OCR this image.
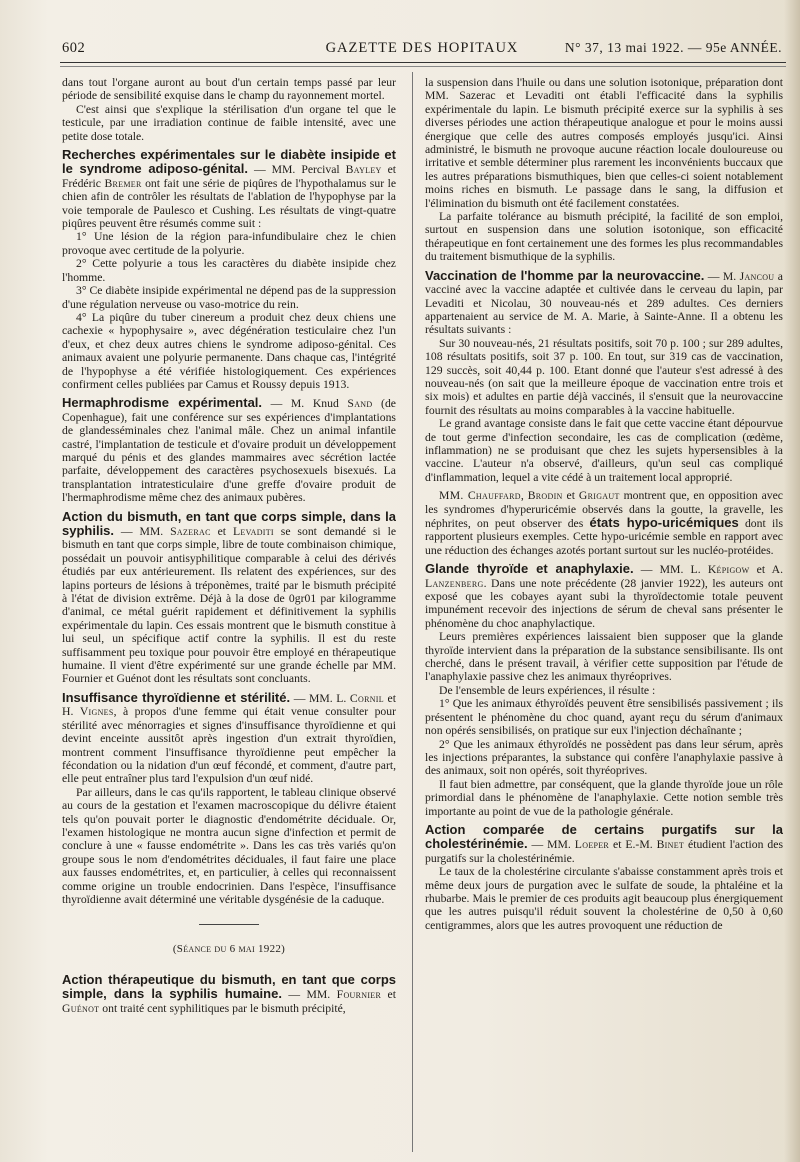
602	GAZETTE DES HOPITAUX	N° 37, 13 mai 1922. — 95e ANNÉE.

dans tout l'organe auront au bout d'un certain temps passé par leur période de sensibilité exquise dans le champ du rayonnement mortel.

C'est ainsi que s'explique la stérilisation d'un organe tel que le testicule, par une irradiation continue de faible intensité, avec une petite dose totale.

Recherches expérimentales sur le diabète insipide et le syndrome adiposo-génital. — MM. Percival Bayley et Frédéric Bremer ont fait une série de piqûres de l'hypothalamus sur le chien afin de contrôler les résultats de l'ablation de l'hypophyse par la voie temporale de Paulesco et Cushing. Les résultats de vingt-quatre piqûres peuvent être résumés comme suit :

1° Une lésion de la région para-infundibulaire chez le chien provoque avec certitude de la polyurie.

2° Cette polyurie a tous les caractères du diabète insipide chez l'homme.

3° Ce diabète insipide expérimental ne dépend pas de la suppression d'une régulation nerveuse ou vaso-motrice du rein.

4° La piqûre du tuber cinereum a produit chez deux chiens une cachexie « hypophysaire », avec dégénération testiculaire chez l'un d'eux, et chez deux autres chiens le syndrome adiposo-génital. Ces animaux avaient une polyurie permanente. Dans chaque cas, l'intégrité de l'hypophyse a été vérifiée histologiquement. Ces expériences confirment celles publiées par Camus et Roussy depuis 1913.

Hermaphrodisme expérimental. — M. Knud Sand (de Copenhague), fait une conférence sur ses expériences d'implantations de glandesséminales chez l'animal mâle. Chez un animal infantile castré, l'implantation de testicule et d'ovaire produit un développement marqué du pénis et des glandes mammaires avec sécrétion lactée parfaite, développement des caractères psychosexuels bisexués. La transplantation intratesticulaire d'une greffe d'ovaire produit de l'hermaphrodisme même chez des animaux pubères.

Action du bismuth, en tant que corps simple, dans la syphilis. — MM. Sazerac et Levaditi se sont demandé si le bismuth en tant que corps simple, libre de toute combinaison chimique, possédait un pouvoir antisyphilitique comparable à celui des dérivés étudiés par eux antérieurement. Ils relatent des expériences, sur des lapins porteurs de lésions à tréponèmes, traité par le bismuth précipité à l'état de division extrême. Déjà à la dose de 0gr01 par kilogramme d'animal, ce métal guérit rapidement et définitivement la syphilis expérimentale du lapin. Ces essais montrent que le bismuth constitue à lui seul, un spécifique actif contre la syphilis. Il est du reste suffisamment peu toxique pour pouvoir être employé en thérapeutique humaine. Il vient d'être expérimenté sur une grande échelle par MM. Fournier et Guénot dont les résultats sont concluants.

Insuffisance thyroïdienne et stérilité. — MM. L. Cornil et H. Vignes, à propos d'une femme qui était venue consulter pour stérilité avec ménorragies et signes d'insuffisance thyroïdienne et qui devint enceinte aussitôt après ingestion d'un extrait thyroïdien, montrent comment l'insuffisance thyroïdienne peut empêcher la fécondation ou la nidation d'un œuf fécondé, et comment, d'autre part, elle peut entraîner plus tard l'expulsion d'un œuf nidé.

Par ailleurs, dans le cas qu'ils rapportent, le tableau clinique observé au cours de la gestation et l'examen macroscopique du délivre étaient tels qu'on pouvait porter le diagnostic d'endométrite déciduale. Or, l'examen histologique ne montra aucun signe d'infection et permit de conclure à une « fausse endométrite ». Dans les cas très variés qu'on groupe sous le nom d'endométrites déciduales, il faut faire une place aux fausses endométrites, et, en particulier, à celles qui reconnaissent comme origine un trouble endocrinien. Dans l'espèce, l'insuffisance thyroïdienne avait déterminé une véritable dysgénésie de la caduque.

(Séance du 6 mai 1922)

Action thérapeutique du bismuth, en tant que corps simple, dans la syphilis humaine. — MM. Fournier et Guénot ont traité cent syphilitiques par le bismuth précipité,

la suspension dans l'huile ou dans une solution isotonique, préparation dont MM. Sazerac et Levaditi ont établi l'efficacité dans la syphilis expérimentale du lapin. Le bismuth précipité exerce sur la syphilis à ses diverses périodes une action thérapeutique analogue et pour le moins aussi énergique que celle des autres composés employés jusqu'ici. Ainsi administré, le bismuth ne provoque aucune réaction locale douloureuse ou irritative et semble déterminer plus rarement les inconvénients buccaux que les autres préparations bismuthiques, bien que celles-ci soient notablement moins riches en bismuth. Le passage dans le sang, la diffusion et l'élimination du bismuth ont été facilement constatées.

La parfaite tolérance au bismuth précipité, la facilité de son emploi, surtout en suspension dans une solution isotonique, son efficacité thérapeutique en font certainement une des formes les plus recommandables du traitement bismuthique de la syphilis.

Vaccination de l'homme par la neurovaccine. — M. Jancou a vacciné avec la vaccine adaptée et cultivée dans le cerveau du lapin, par Levaditi et Nicolau, 30 nouveau-nés et 289 adultes. Ces derniers appartenaient au service de M. A. Marie, à Sainte-Anne. Il a obtenu les résultats suivants :

Sur 30 nouveau-nés, 21 résultats positifs, soit 70 p. 100 ; sur 289 adultes, 108 résultats positifs, soit 37 p. 100. En tout, sur 319 cas de vaccination, 129 succès, soit 40,44 p. 100. Etant donné que l'auteur s'est adressé à des nouveau-nés (on sait que la meilleure époque de vaccination entre trois et six mois) et adultes en partie déjà vaccinés, il s'ensuit que la neurovaccine fournit des résultats au moins comparables à la vaccine habituelle.

Le grand avantage consiste dans le fait que cette vaccine étant dépourvue de tout germe d'infection secondaire, les cas de complication (œdème, inflammation) ne se produisant que chez les sujets hypersensibles à la vaccine. L'auteur n'a observé, d'ailleurs, qu'un seul cas compliqué d'inflammation, lequel a vite cédé à un traitement local approprié.

MM. Chauffard, Brodin et Grigaut montrent que, en opposition avec les syndromes d'hyperuricémie observés dans la goutte, la gravelle, les néphrites, on peut observer des états hypo-uricémiques dont ils rapportent plusieurs exemples. Cette hypo-uricémie semble en rapport avec une réduction des échanges azotés portant surtout sur les nucléo-protéides.

Glande thyroïde et anaphylaxie. — MM. L. Képigow et A. Lanzenberg. Dans une note précédente (28 janvier 1922), les auteurs ont exposé que les cobayes ayant subi la thyroïdectomie totale peuvent impunément recevoir des injections de sérum de cheval sans présenter le phénomène du choc anaphylactique.

Leurs premières expériences laissaient bien supposer que la glande thyroïde intervient dans la préparation de la substance sensibilisante. Ils ont cherché, dans le présent travail, à vérifier cette supposition par l'étude de l'anaphylaxie passive chez les animaux thyréoprives.

De l'ensemble de leurs expériences, il résulte :

1° Que les animaux éthyroïdés peuvent être sensibilisés passivement ; ils présentent le phénomène du choc quand, ayant reçu du sérum d'animaux non opérés sensibilisés, on pratique sur eux l'injection déchaînante ;

2° Que les animaux éthyroïdés ne possèdent pas dans leur sérum, après les injections préparantes, la substance qui confère l'anaphylaxie passive à des animaux, soit non opérés, soit thyréoprives.

Il faut bien admettre, par conséquent, que la glande thyroïde joue un rôle primordial dans le phénomène de l'anaphylaxie. Cette notion semble très importante au point de vue de la pathologie générale.

Action comparée de certains purgatifs sur la cholestérinémie. — MM. Loeper et E.-M. Binet étudient l'action des purgatifs sur la cholestérinémie.

Le taux de la cholestérine circulante s'abaisse constamment après trois et même deux jours de purgation avec le sulfate de soude, la phtaléine et la rhubarbe. Mais le premier de ces produits agit beaucoup plus énergiquement que les autres puisqu'il réduit souvent la cholestérine de 0,50 à 0,60 centigrammes, alors que les autres provoquent une réduction de
